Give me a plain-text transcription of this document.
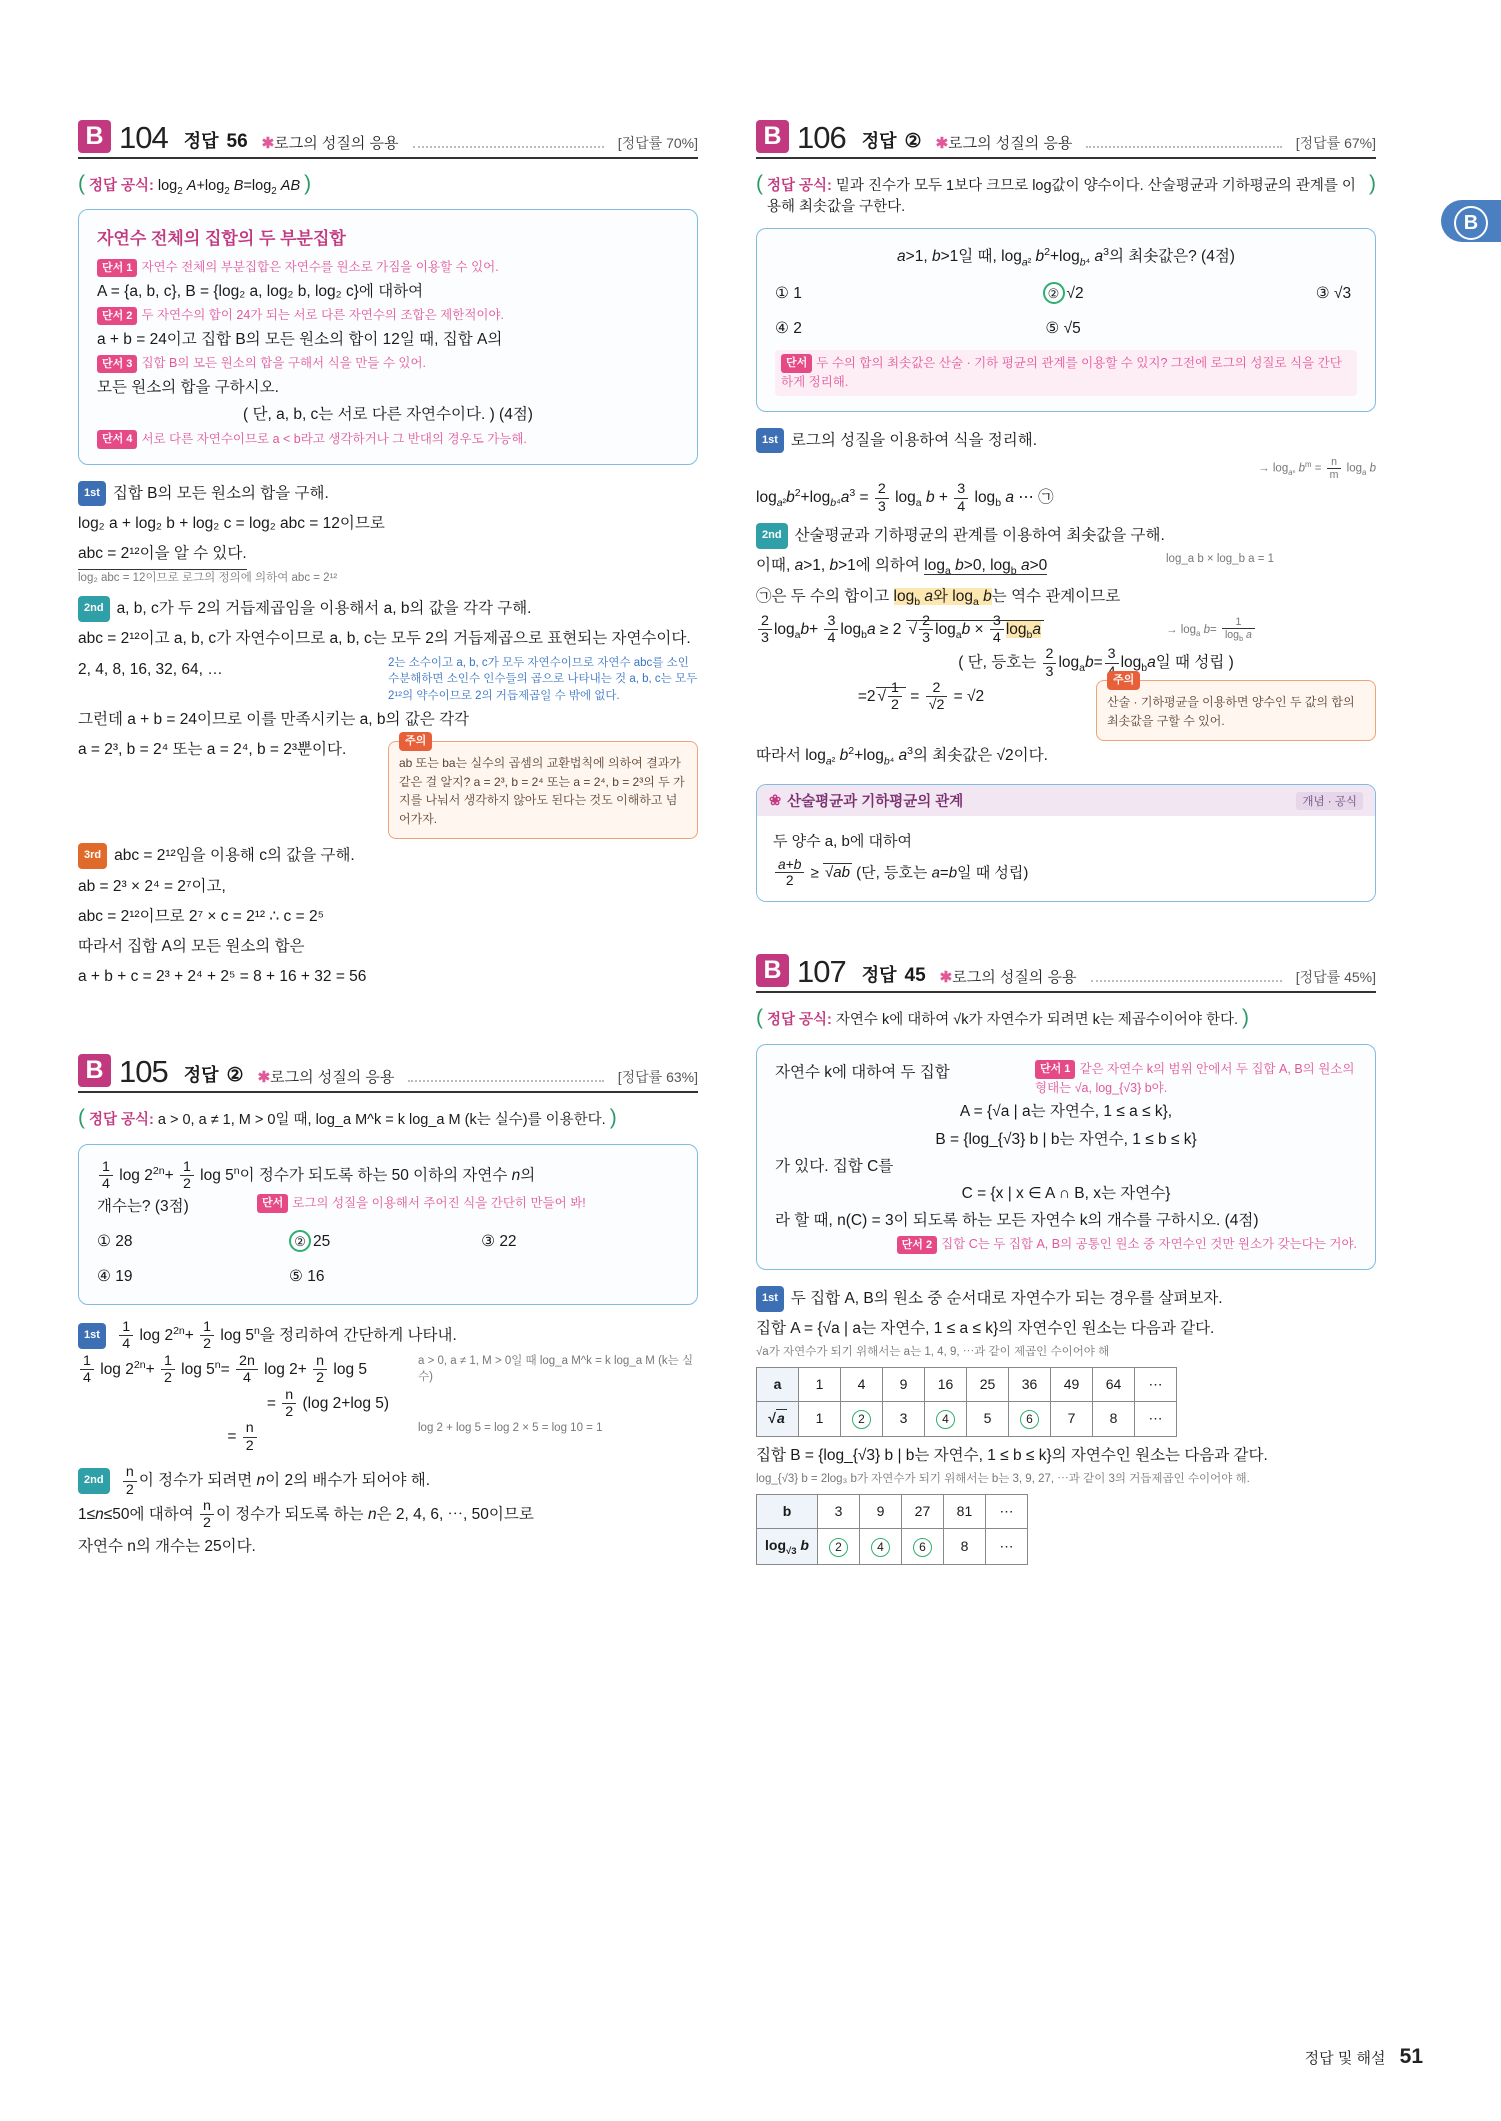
B
B 104 정답 56 ✱로그의 성질의 응용	[정답률 70%]
( 정답 공식: $\log_2 A+\log_2$ $B=\log_2$ AB )
자연수 전체의 집합의 두 부분집합
단서 1 자연수 전체의 부분집합은 자연수를 원소로 가짐을 이용할 수 있어.
A = {a, b, c}, B = {log₂ a, log₂ b, log₂ c}에 대하여
단서 2 두 자연수의 합이 24가 되는 서로 다른 자연수의 조합은 제한적이야.
a + b = 24이고 집합 B의 모든 원소의 합이 12일 때, 집합 A의
단서 3 집합 B의 모든 원소의 합을 구해서 식을 만들 수 있어.
모든 원소의 합을 구하시오.
( 단, a, b, c는 서로 다른 자연수이다. ) (4점)
단서 4 서로 다른 자연수이므로 a < b라고 생각하거나 그 반대의 경우도 가능해.
1st 집합 B의 모든 원소의 합을 구해.
log₂ a + log₂ b + log₂ c = log₂ abc = 12이므로
abc = 2¹²이을 알 수 있다.
log₂ abc = 12이므로 로그의 정의에 의하여 abc = 2¹²
2nd a, b, c가 두 2의 거듭제곱임을 이용해서 a, b의 값을 각각 구해.
abc = 2¹²이고 a, b, c가 자연수이므로 a, b, c는 모두 2의 거듭제곱으로 표현되는 자연수이다.
2, 4, 8, 16, 32, 64, …	2는 소수이고 a, b, c가 모두 자연수이므로 자연수 abc를 소인수분해하면 소인수 인수들의 곱으로 나타내는 것 a, b, c는 모두 2¹²의 약수이므로 2의 거듭제곱일 수 밖에 없다.
그런데 a + b = 24이므로 이를 만족시키는 a, b의 값은 각각
a = 2³, b = 2⁴ 또는 a = 2⁴, b = 2³뿐이다.	주의
ab 또는 ba는 실수의 곱셈의 교환법칙에 의하여 결과가 같은 걸 알지? a = 2³, b = 2⁴ 또는 a = 2⁴, b = 2³의 두 가지를 나눠서 생각하지 않아도 된다는 것도 이해하고 넘어가자.
3rd abc = 2¹²임을 이용해 c의 값을 구해.
ab = 2³ × 2⁴ = 2⁷이고,
abc = 2¹²이므로 2⁷ × c = 2¹² ∴ c = 2⁵
따라서 집합 A의 모든 원소의 합은
a + b + c = 2³ + 2⁴ + 2⁵ = 8 + 16 + 32 = 56
B 105 정답 ② ✱로그의 성질의 응용	[정답률 63%]
( 정답 공식: a > 0, a ≠ 1, M > 0일 때, log_a M^k = k log_a M (k는 실수)를 이용한다. )
$\frac{1}{4}$ $\log 2^{2n}+ \frac{1}{2}$ log 5$^n$이 정수가 되도록 하는 50 이하의 자연수 n의
개수는? (3점)	단서 로그의 성질을 이용해서 주어진 식을 간단히 만들어 봐!
① 28	② 25	③ 22
④ 19	⑤ 16
$1st \frac{1}{4}$ $\log 2^{2n}+ \frac{1}{2}$ log 5$^n$을 정리하여 간단하게 나타내.
$\frac{1}{4}$ $\log 2^{2n}+ \frac{1}{2}$ $\log 5^n= \frac{2n}{4}$ $\log 2+ \frac{n}{2}$ log 5	a > 0, a ≠ 1, M > 0일 때 log_a M^k = k log_a M (k는 실수)
= $\frac{n}{2} (\log$ 2+log 5)
= $\frac{n}{2}$	log 2 + log 5 = log 2 × 5 = log 10 = 1
$2nd \frac{n}{2}$ 이 정수가 되려면 n이 2의 배수가 되어야 해.
1≤n≤50에 대하여 $\frac{n}{2}$ 이 정수가 되도록 하는 n은 2, 4, 6, ⋯, 50이므로
자연수 n의 개수는 25이다.
B 106 정답 ② ✱로그의 성질의 응용	[정답률 67%]
( 정답 공식: 밑과 진수가 모두 1보다 크므로 log값이 양수이다. 산술평균과 기하평균의 관계를 이용해 최솟값을 구한다.
)
a>1, b>1일 때, $\log_{a^2} b^2+\log_{b^4}$ $a^3$의 최솟값은? (4점)
① 1	② √2	③ √3
④ 2	⑤ √5
단서 두 수의 합의 최솟값은 산술 · 기하 평균의 관계를 이용할 수 있지? 그전에 로그의 성질로 식을 간단하게 정리해.
1st 로그의 성질을 이용하여 식을 정리해.
→ $\log_{a^n} b^m = \frac{n}{m} \log_a b$
$\log_{a^2}b^2+\log_{b^4}a^3 = \frac{2}{3} \log_a b + \frac{3}{4} \log_b a$ ⋯ ㉠
2nd 산술평균과 기하평균의 관계를 이용하여 최솟값을 구해.
이때, a>1, b>1에 의하여 $\log_a b>0$, $\log_b a>0$	log_a b × log_b a = 1
㉠은 두 수의 합이고 $\log_b a$와 $\log_a b$는 역수 관계이므로
$\frac{2}{3} \log_ab+ \frac{3}{4} \log_ba \ge 2$ √ $\frac{2}{3} \log_ab \times \frac{3}{4} \log_ba$	→ $\log_a b= \frac{1}{\log_b a}$
( 단, 등호는 $\frac{2}{3} \log_ab= 3$ $\log_ba$일 때 성립 )
=2 √ $\frac{1}{2} = \frac{2}{√2} = √2$
주의
산술 · 기하평균을 이용하면 양수인 두 값의 합의 최솟값을 구할 수 있어.
따라서 $\log_{a^2} b^2+\log_{b^4}$ $a^3$의 최솟값은 √2이다.
❀ 산술평균과 기하평균의 관계	개념 · 공식
두 양수 a, b에 대하여
$\frac{a+b}{2} \ge √ab$ (단, 등호는 a=b일 때 성립)
B 107 정답 45 ✱로그의 성질의 응용	[정답률 45%]
( 정답 공식: 자연수 k에 대하여 √k가 자연수가 되려면 k는 제곱수이어야 한다. )
자연수 k에 대하여 두 집합	단서 1 같은 자연수 k의 범위 안에서 두 집합 A, B의 원소의 형태는 √a, log_{√3} b야.
A = {√a | a는 자연수, 1 ≤ a ≤ k},
B = {log_{√3} b | b는 자연수, 1 ≤ b ≤ k}
가 있다. 집합 C를
C = {x | x ∈ A ∩ B, x는 자연수}
라 할 때, n(C) = 3이 되도록 하는 모든 자연수 k의 개수를 구하시오. (4점)
단서 2 집합 C는 두 집합 A, B의 공통인 원소 중 자연수인 것만 원소가 갖는다는 거야.
1st 두 집합 A, B의 원소 중 순서대로 자연수가 되는 경우를 살펴보자.
집합 A = {√a | a는 자연수, 1 ≤ a ≤ k}의 자연수인 원소는 다음과 같다.
√a가 자연수가 되기 위해서는 a는 1, 4, 9, ⋯과 같이 제곱인 수이어야 해
a	1	4	9	16	25	36	49	64	⋯
√a	1	2	3	4	5	6	7	8	⋯
집합 B = {log_{√3} b | b는 자연수, 1 ≤ b ≤ k}의 자연수인 원소는 다음과 같다.
log_{√3} b = 2log₃ b가 자연수가 되기 위해서는 b는 3, 9, 27, ⋯과 같이 3의 거듭제곱인 수이어야 해.
b	3	9	27	81	⋯
$\log_{√3} b$	2	4	6	8	⋯
정답 및 해설 51
